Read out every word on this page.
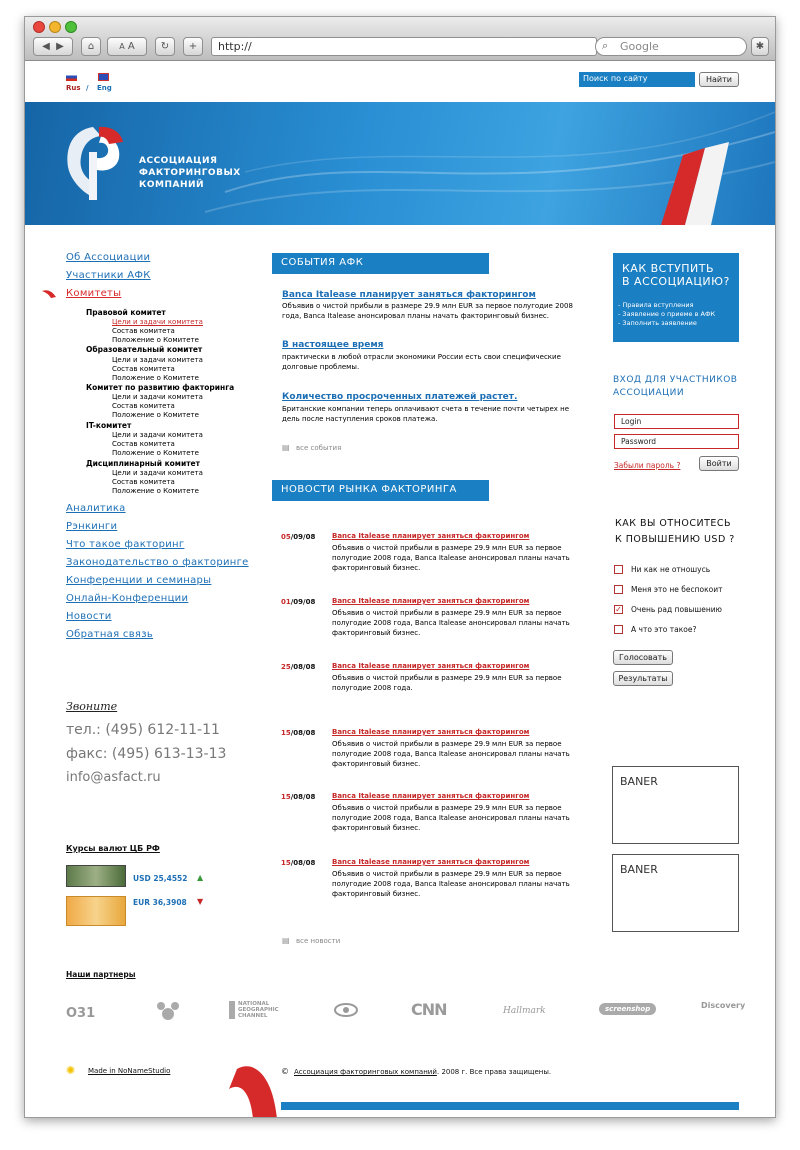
◀
▶ ⌂	A
A	↻ +	http://	⌕ Google	✱
Rus / Eng
Поиск по сайту	Найти
АССОЦИАЦИЯ
ФАКТОРИНГОВЫХ
КОМПАНИЙ
Об Ассоциации
Участники АФК
Комитеты
Правовой комитет
Цели и задачи комитета
Состав комитета
Положение о Комитете
Образовательный комитет
Цели и задачи комитета
Состав комитета
Положение о Комитете
Комитет по развитию факторинга
Цели и задачи комитета
Состав комитета
Положение о Комитете
IT-комитет
Цели и задачи комитета
Состав комитета
Положение о Комитете
Дисциплинарный комитет
Цели и задачи комитета
Состав комитета
Положение о Комитете
Аналитика
Рэнкинги
Что такое факторинг
Законодательство о факторинге
Конференции и семинары
Онлайн-Конференции
Новости
Обратная связь
Звоните
тел.: (495) 612-11-11
факс: (495) 613-13-13
info@asfact.ru
Курсы валют ЦБ РФ
USD 25,4552 ▲
EUR 36,3908 ▼
СОБЫТИЯ АФК
Banca Italease планирует заняться факторингом
Объявив о чистой прибыли в размере 29.9 млн EUR за первое полугодие 2008 года, Banca Italease анонсировал планы начать факторинговый бизнес.
В настоящее время
практически в любой отрасли экономики России есть свои специфические долговые проблемы.
Количество просроченных платежей растет.
Британские компании теперь оплачивают счета в течение почти четырех не дель после наступления сроков платежа.
▤ все события
НОВОСТИ РЫНКА ФАКТОРИНГА
05/09/08 Banca Italease планирует заняться факторингом
Объявив о чистой прибыли в размере 29.9 млн EUR за первое полугодие 2008 года, Banca Italease анонсировал планы начать факторинговый бизнес.
01/09/08 Banca Italease планирует заняться факторингом
Объявив о чистой прибыли в размере 29.9 млн EUR за первое полугодие 2008 года, Banca Italease анонсировал планы начать факторинговый бизнес.
25/08/08 Banca Italease планирует заняться факторингом
Объявив о чистой прибыли в размере 29.9 млн EUR за первое полугодие 2008 года.
15/08/08 Banca Italease планирует заняться факторингом
Объявив о чистой прибыли в размере 29.9 млн EUR за первое полугодие 2008 года, Banca Italease анонсировал планы начать факторинговый бизнес.
15/08/08 Banca Italease планирует заняться факторингом
Объявив о чистой прибыли в размере 29.9 млн EUR за первое полугодие 2008 года, Banca Italease анонсировал планы начать факторинговый бизнес.
15/08/08 Banca Italease планирует заняться факторингом
Объявив о чистой прибыли в размере 29.9 млн EUR за первое полугодие 2008 года, Banca Italease анонсировал планы начать факторинговый бизнес.
▤ все новости
КАК ВСТУПИТЬ
В АССОЦИАЦИЮ?
- Правила вступления
- Заявление о приеме в АФК
- Заполнить заявление
ВХОД ДЛЯ УЧАСТНИКОВ
АССОЦИАЦИИ
Login
Password
Забыли пароль ?	Войти
КАК ВЫ ОТНОСИТЕСЬ
К ПОВЫШЕНИЮ USD ?
Ни как не отношусь
Меня это не беспокоит
✓ Очень рад повышению
А что это такое?
Голосовать
Результаты
BANER
BANER
Наши партнеры
O31
NATIONAL GEOGRAPHIC CHANNEL	CNN	Hallmark	screenshop	Discovery
✺ Made in NoNameStudio	© Ассоциация факторинговых компаний . 2008 г. Все права защищены.
